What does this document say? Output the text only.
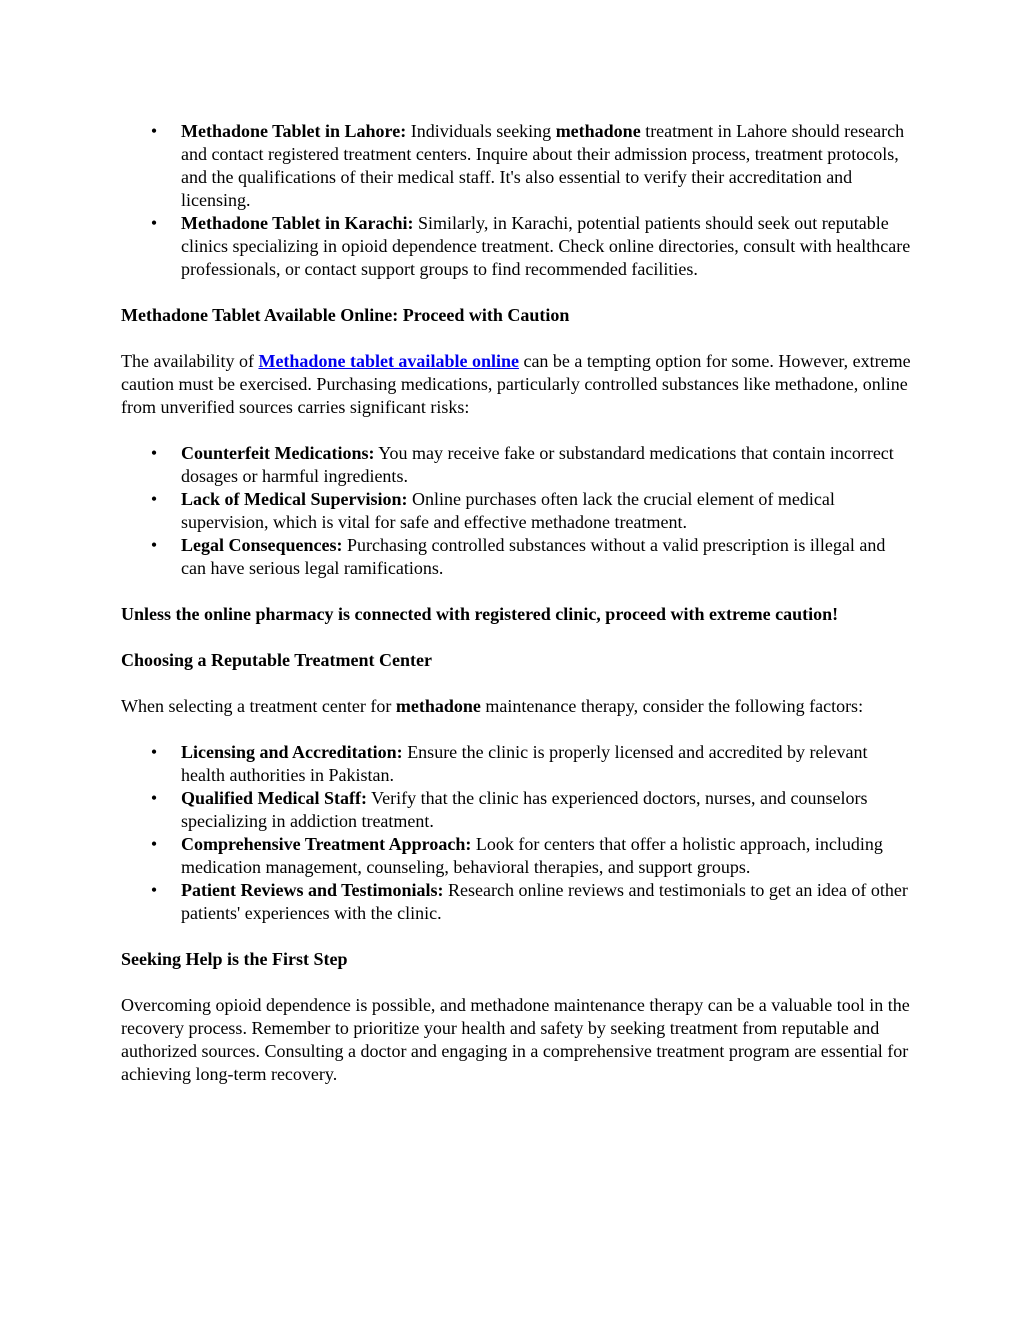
• Methadone Tablet in Lahore: Individuals seeking methadone treatment in Lahore should research and contact registered treatment centers. Inquire about their admission process, treatment protocols, and the qualifications of their medical staff. It's also essential to verify their accreditation and licensing.
• Methadone Tablet in Karachi: Similarly, in Karachi, potential patients should seek out reputable clinics specializing in opioid dependence treatment. Check online directories, consult with healthcare professionals, or contact support groups to find recommended facilities.
Methadone Tablet Available Online: Proceed with Caution

The availability of Methadone tablet available online can be a tempting option for some. However, extreme caution must be exercised. Purchasing medications, particularly controlled substances like methadone, online from unverified sources carries significant risks:

• Counterfeit Medications: You may receive fake or substandard medications that contain incorrect dosages or harmful ingredients.
• Lack of Medical Supervision: Online purchases often lack the crucial element of medical supervision, which is vital for safe and effective methadone treatment.
• Legal Consequences: Purchasing controlled substances without a valid prescription is illegal and can have serious legal ramifications.
Unless the online pharmacy is connected with registered clinic, proceed with extreme caution!
Choosing a Reputable Treatment Center

When selecting a treatment center for methadone maintenance therapy, consider the following factors:

• Licensing and Accreditation: Ensure the clinic is properly licensed and accredited by relevant health authorities in Pakistan.
• Qualified Medical Staff: Verify that the clinic has experienced doctors, nurses, and counselors specializing in addiction treatment.
• Comprehensive Treatment Approach: Look for centers that offer a holistic approach, including medication management, counseling, behavioral therapies, and support groups.
• Patient Reviews and Testimonials: Research online reviews and testimonials to get an idea of other patients' experiences with the clinic.
Seeking Help is the First Step

Overcoming opioid dependence is possible, and methadone maintenance therapy can be a valuable tool in the recovery process. Remember to prioritize your health and safety by seeking treatment from reputable and authorized sources. Consulting a doctor and engaging in a comprehensive treatment program are essential for achieving long-term recovery.
